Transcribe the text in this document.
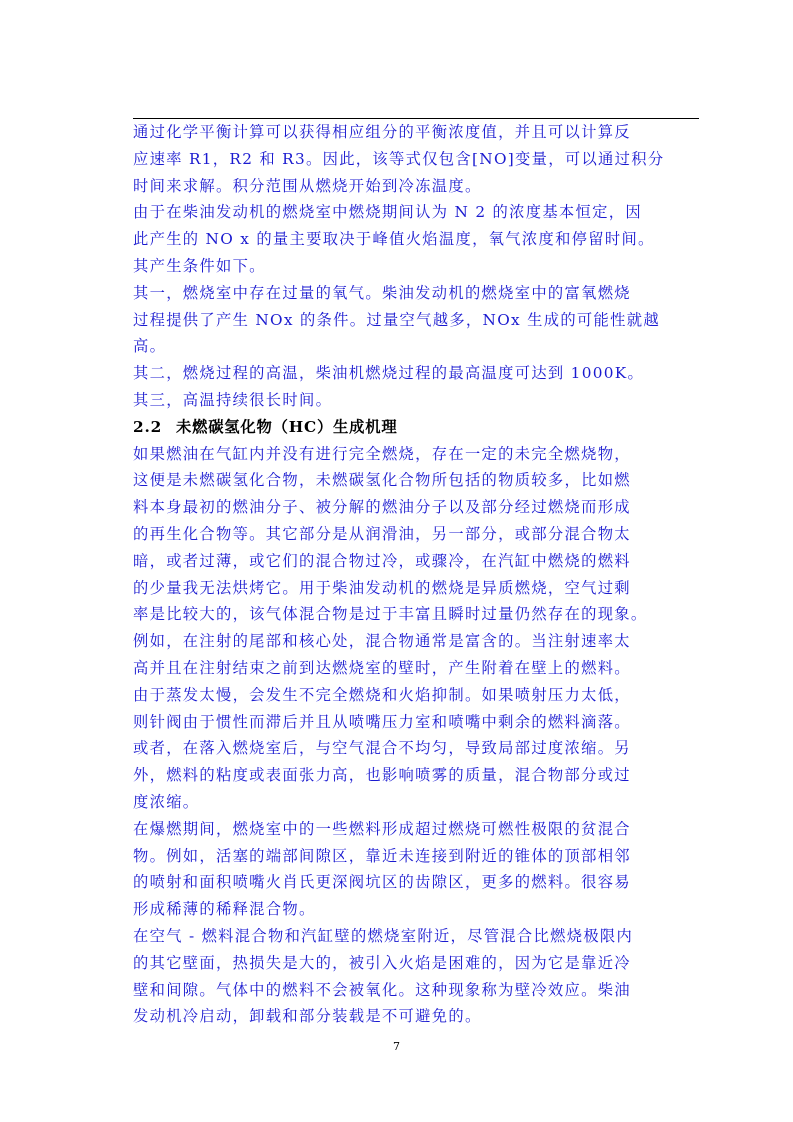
通过化学平衡计算可以获得相应组分的平衡浓度值，并且可以计算反
应速率 R1，R2 和 R3。因此，该等式仅包含[NO]变量，可以通过积分
时间来求解。积分范围从燃烧开始到冷冻温度。
由于在柴油发动机的燃烧室中燃烧期间认为 N 2 的浓度基本恒定，因
此产生的 NO x 的量主要取决于峰值火焰温度，氧气浓度和停留时间。
其产生条件如下。
其一，燃烧室中存在过量的氧气。柴油发动机的燃烧室中的富氧燃烧
过程提供了产生 NOx 的条件。过量空气越多，NOx 生成的可能性就越
高。
其二，燃烧过程的高温，柴油机燃烧过程的最高温度可达到 1000K。
其三，高温持续很长时间。
2.2 未燃碳氢化物（HC）生成机理
如果燃油在气缸内并没有进行完全燃烧，存在一定的未完全燃烧物，
这便是未燃碳氢化合物，未燃碳氢化合物所包括的物质较多，比如燃
料本身最初的燃油分子、被分解的燃油分子以及部分经过燃烧而形成
的再生化合物等。其它部分是从润滑油，另一部分，或部分混合物太
暗，或者过薄，或它们的混合物过冷，或骤冷，在汽缸中燃烧的燃料
的少量我无法烘烤它。用于柴油发动机的燃烧是异质燃烧，空气过剩
率是比较大的，该气体混合物是过于丰富且瞬时过量仍然存在的现象。
例如，在注射的尾部和核心处，混合物通常是富含的。当注射速率太
高并且在注射结束之前到达燃烧室的壁时，产生附着在壁上的燃料。
由于蒸发太慢，会发生不完全燃烧和火焰抑制。如果喷射压力太低，
则针阀由于惯性而滞后并且从喷嘴压力室和喷嘴中剩余的燃料滴落。
或者，在落入燃烧室后，与空气混合不均匀，导致局部过度浓缩。另
外，燃料的粘度或表面张力高，也影响喷雾的质量，混合物部分或过
度浓缩。
在爆燃期间，燃烧室中的一些燃料形成超过燃烧可燃性极限的贫混合
物。例如，活塞的端部间隙区，靠近未连接到附近的锥体的顶部相邻
的喷射和面积喷嘴火肖氏更深阀坑区的齿隙区，更多的燃料。很容易
形成稀薄的稀释混合物。
在空气 - 燃料混合物和汽缸壁的燃烧室附近，尽管混合比燃烧极限内
的其它壁面，热损失是大的，被引入火焰是困难的，因为它是靠近冷
壁和间隙。气体中的燃料不会被氧化。这种现象称为壁冷效应。柴油
发动机冷启动，卸载和部分装载是不可避免的。
7
